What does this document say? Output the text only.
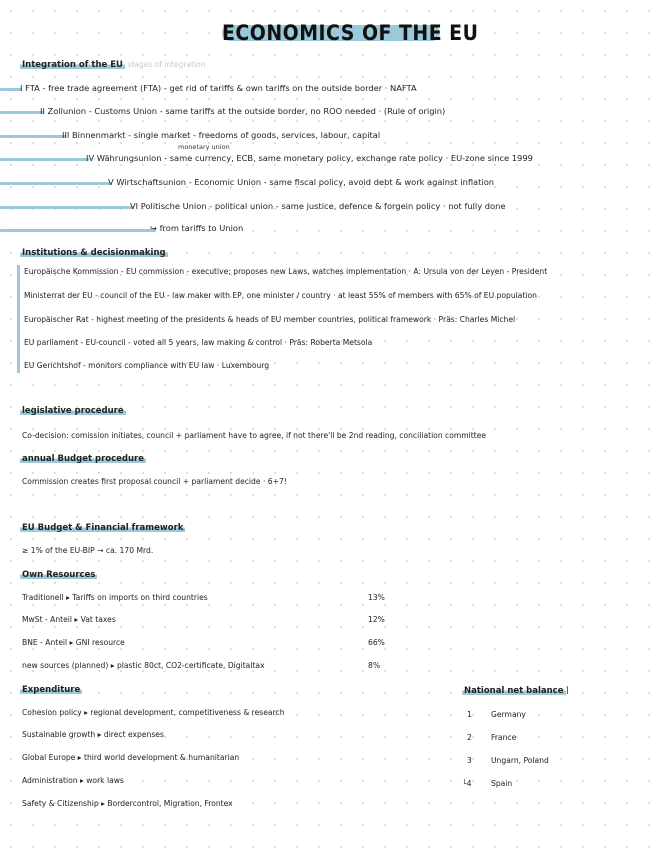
ECONOMICS OF THE EU
Integration of the EU stages of integration
I FTA - free trade agreement (FTA) - get rid of tariffs & own tariffs on the outside border · NAFTA
II Zollunion - Customs Union - same tariffs at the outside border, no ROO needed · (Rule of origin)
III Binnenmarkt - single market - freedoms of goods, services, labour, capital
monetary union
IV Währungsunion - same currency, ECB, same monetary policy, exchange rate policy · EU-zone since 1999
V Wirtschaftsunion - Economic Union - same fiscal policy, avoid debt & work against inflation
VI Politische Union - political union - same justice, defence & forgein policy · not fully done
↪ from tariffs to Union
Institutions & decisionmaking
Europäische Kommission - EU commission - executive; proposes new Laws, watches implementation · A: Ursula von der Leyen - President
Ministerrat der EU - council of the EU - law maker with EP, one minister / country · at least 55% of members with 65% of EU population
Europäischer Rat - highest meeting of the presidents & heads of EU member countries, political framework · Präs: Charles Michel
EU parliament - EU-council - voted all 5 years, law making & control · Präs: Roberta Metsola
EU Gerichtshof - monitors compliance with EU law · Luxembourg
legislative procedure
Co-decision: comission initiates, council + parliament have to agree, if not there'll be 2nd reading, conciliation committee
annual Budget procedure
Commission creates first proposal council + parliament decide · 6+7!
EU Budget & Financial framework
≥ 1% of the EU-BIP → ca. 170 Mrd.
Own Resources
Traditionell ▸ Tariffs on imports on third countries	13%
MwSt - Anteil ▸ Vat taxes	12%
BNE - Anteil ▸ GNI resource	66%
new sources (planned) ▸ plastic 80ct, CO2-certificate, Digitaltax	8%
Expenditure
Cohesion policy ▸ regional development, competitiveness & research
Sustainable growth ▸ direct expenses
Global Europe ▸ third world development & humanitarian
Administration ▸ work laws
Safety & Citizenship ▸ Bordercontrol, Migration, Frontex
National net balance ⌉
1	Germany
2	France
3	Ungarn, Poland
└4	Spain
